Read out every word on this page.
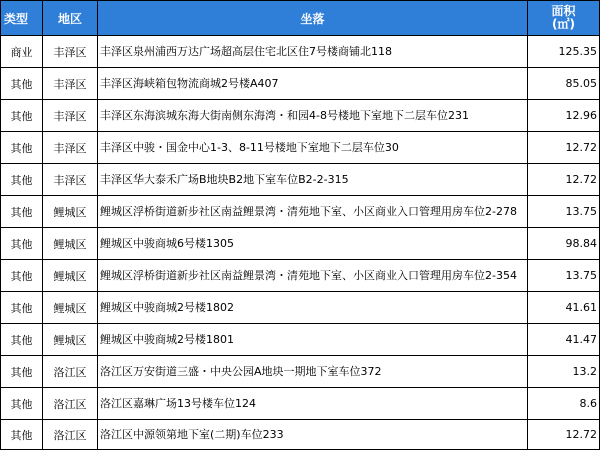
类型	地区	坐落	面积
(㎡)

商业	丰泽区	丰泽区泉州浦西万达广场超高层住宅北区住7号楼商铺北118	125.35
其他	丰泽区	丰泽区海峡箱包物流商城2号楼A407	85.05
其他	丰泽区	丰泽区东海滨城东海大街南侧东海湾・和园4-8号楼地下室地下二层车位231	12.96
其他	丰泽区	丰泽区中骏・国金中心1-3、8-11号楼地下室地下二层车位30	12.72
其他	丰泽区	丰泽区华大泰禾广场B地块B2地下室车位B2-2-315	12.72
其他	鲤城区	鲤城区浮桥街道新步社区南益鲤景湾・清苑地下室、小区商业入口管理用房车位2-278	13.75
其他	鲤城区	鲤城区中骏商城6号楼1305	98.84
其他	鲤城区	鲤城区浮桥街道新步社区南益鲤景湾・清苑地下室、小区商业入口管理用房车位2-354	13.75
其他	鲤城区	鲤城区中骏商城2号楼1802	41.61
其他	鲤城区	鲤城区中骏商城2号楼1801	41.47
其他	洛江区	洛江区万安街道三盛・中央公园A地块一期地下室车位372	13.2
其他	洛江区	洛江区嘉琳广场13号楼车位124	8.6
其他	洛江区	洛江区中源领第地下室(二期)车位233	12.72
